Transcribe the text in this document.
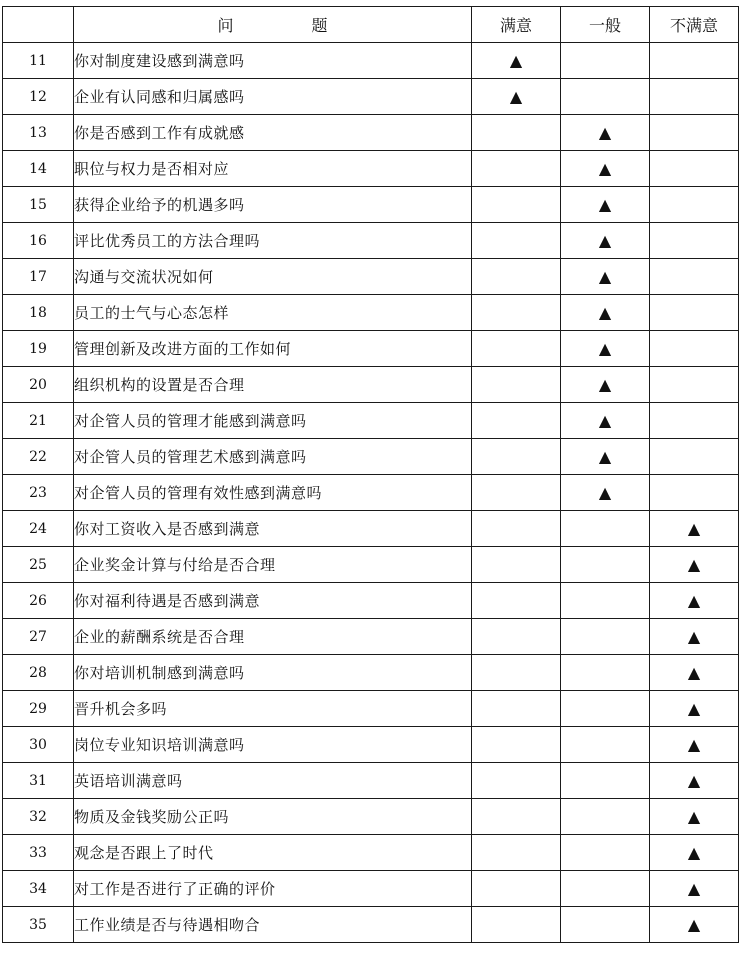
	问　　题	满意	一般	不满意
11	你对制度建设感到满意吗	▲		
12	企业有认同感和归属感吗	▲		
13	你是否感到工作有成就感		▲	
14	职位与权力是否相对应		▲	
15	获得企业给予的机遇多吗		▲	
16	评比优秀员工的方法合理吗		▲	
17	沟通与交流状况如何		▲	
18	员工的士气与心态怎样		▲	
19	管理创新及改进方面的工作如何		▲	
20	组织机构的设置是否合理		▲	
21	对企管人员的管理才能感到满意吗		▲	
22	对企管人员的管理艺术感到满意吗		▲	
23	对企管人员的管理有效性感到满意吗		▲	
24	你对工资收入是否感到满意			▲
25	企业奖金计算与付给是否合理			▲
26	你对福利待遇是否感到满意			▲
27	企业的薪酬系统是否合理			▲
28	你对培训机制感到满意吗			▲
29	晋升机会多吗			▲
30	岗位专业知识培训满意吗			▲
31	英语培训满意吗			▲
32	物质及金钱奖励公正吗			▲
33	观念是否跟上了时代			▲
34	对工作是否进行了正确的评价			▲
35	工作业绩是否与待遇相吻合			▲
